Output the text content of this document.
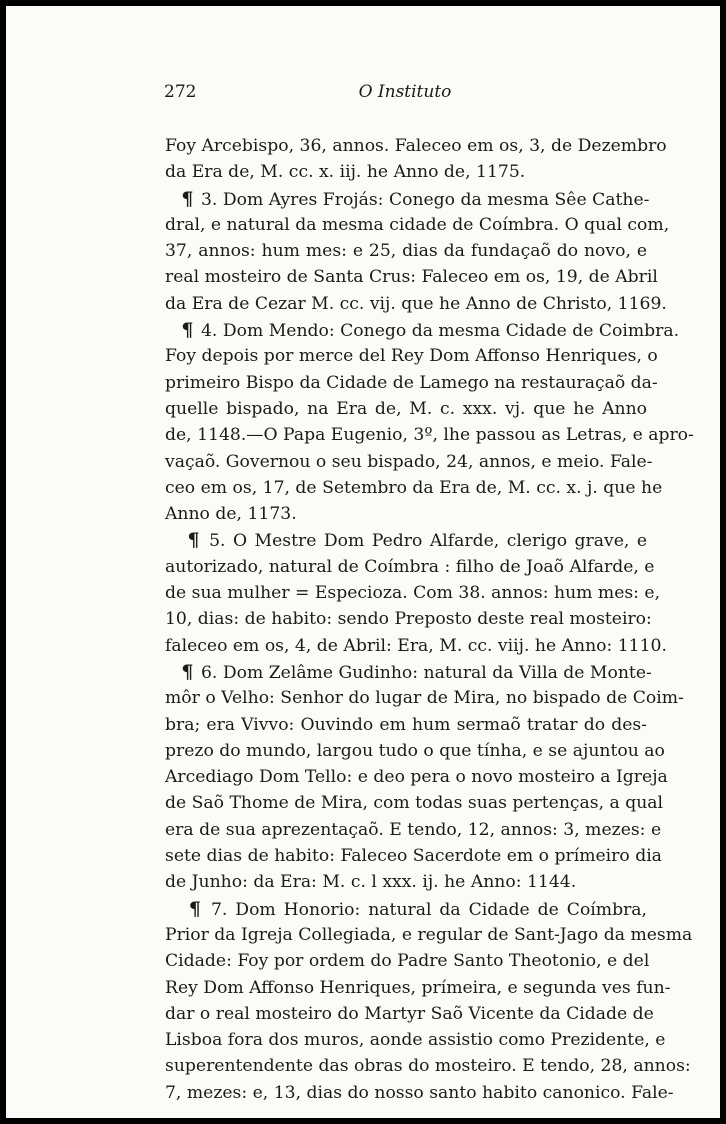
272	O Instituto
Foy Arcebispo, 36, annos. Faleceo em os, 3, de Dezembro
da Era de, M. cc. x. iij. he Anno de, 1175.
¶ 3. Dom Ayres Frojás: Conego da mesma Sêe Cathe-
dral, e natural da mesma cidade de Coímbra. O qual com,
37, annos: hum mes: e 25, dias da fundaçaõ do novo, e
real mosteiro de Santa Crus: Faleceo em os, 19, de Abril
da Era de Cezar M. cc. vij. que he Anno de Christo, 1169.
¶ 4. Dom Mendo: Conego da mesma Cidade de Coimbra.
Foy depois por merce del Rey Dom Affonso Henriques, o
primeiro Bispo da Cidade de Lamego na restauraçaõ da-
quelle bispado, na Era de, M. c. xxx. vj. que he Anno
de, 1148.—O Papa Eugenio, 3º, lhe passou as Letras, e apro-
vaçaõ. Governou o seu bispado, 24, annos, e meio. Fale-
ceo em os, 17, de Setembro da Era de, M. cc. x. j. que he
Anno de, 1173.
¶ 5. O Mestre Dom Pedro Alfarde, clerigo grave, e
autorizado, natural de Coímbra : filho de Joaõ Alfarde, e
de sua mulher = Especioza. Com 38. annos: hum mes: e,
10, dias: de habito: sendo Preposto deste real mosteiro:
faleceo em os, 4, de Abril: Era, M. cc. viij. he Anno: 1110.
¶ 6. Dom Zelâme Gudinho: natural da Villa de Monte-
môr o Velho: Senhor do lugar de Mira, no bispado de Coim-
bra; era Vivvo: Ouvindo em hum sermaõ tratar do des-
prezo do mundo, largou tudo o que tínha, e se ajuntou ao
Arcediago Dom Tello: e deo pera o novo mosteiro a Igreja
de Saõ Thome de Mira, com todas suas pertenças, a qual
era de sua aprezentaçaõ. E tendo, 12, annos: 3, mezes: e
sete dias de habito: Faleceo Sacerdote em o prímeiro dia
de Junho: da Era: M. c. l xxx. ij. he Anno: 1144.
¶ 7. Dom Honorio: natural da Cidade de Coímbra,
Prior da Igreja Collegiada, e regular de Sant-Jago da mesma
Cidade: Foy por ordem do Padre Santo Theotonio, e del
Rey Dom Affonso Henriques, prímeira, e segunda ves fun-
dar o real mosteiro do Martyr Saõ Vicente da Cidade de
Lisboa fora dos muros, aonde assistio como Prezidente, e
superentendente das obras do mosteiro. E tendo, 28, annos:
7, mezes: e, 13, dias do nosso santo habito canonico. Fale-
